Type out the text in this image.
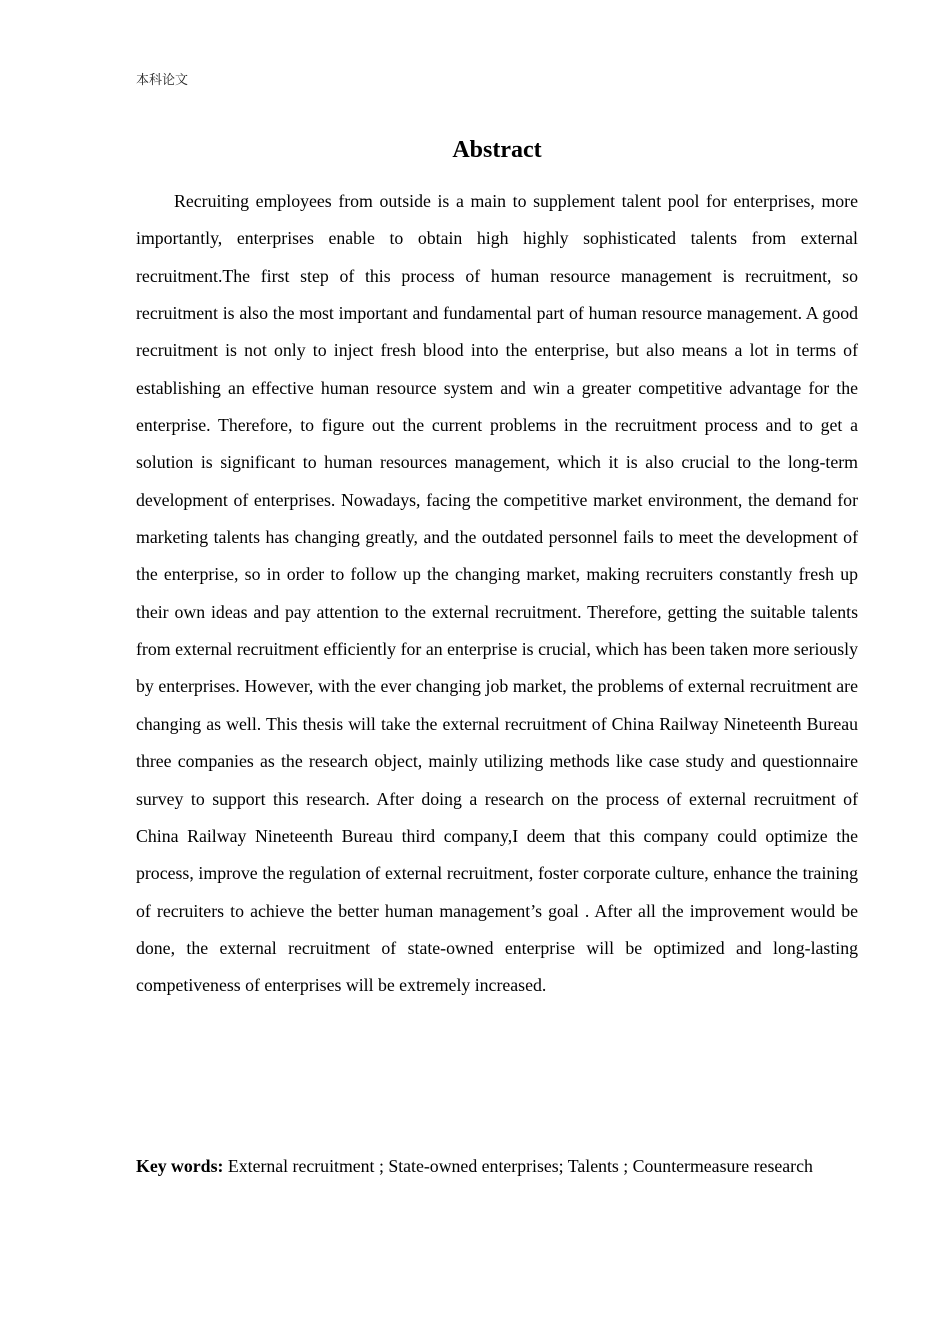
本科论文
Abstract

Recruiting employees from outside is a main to supplement talent pool for enterprises, more importantly, enterprises enable to obtain high highly sophisticated talents from external recruitment.The first step of this process of human resource management is recruitment, so recruitment is also the most important and fundamental part of human resource management. A good recruitment is not only to inject fresh blood into the enterprise, but also means a lot in terms of establishing an effective human resource system and win a greater competitive advantage for the enterprise. Therefore, to figure out the current problems in the recruitment process and to get a solution is significant to human resources management, which it is also crucial to the long-term development of enterprises. Nowadays, facing the competitive market environment, the demand for marketing talents has changing greatly, and the outdated personnel fails to meet the development of the enterprise, so in order to follow up the changing market, making recruiters constantly fresh up their own ideas and pay attention to the external recruitment. Therefore, getting the suitable talents from external recruitment efficiently for an enterprise is crucial, which has been taken more seriously by enterprises. However, with the ever changing job market, the problems of external recruitment are changing as well. This thesis will take the external recruitment of China Railway Nineteenth Bureau three companies as the research object, mainly utilizing methods like case study and questionnaire survey to support this research. After doing a research on the process of external recruitment of China Railway Nineteenth Bureau third company,I deem that this company could optimize the process, improve the regulation of external recruitment, foster corporate culture, enhance the training of recruiters to achieve the better human management’s goal . After all the improvement would be done, the external recruitment of state-owned enterprise will be optimized and long-lasting competiveness of enterprises will be extremely increased.

Key words: External recruitment ; State-owned enterprises; Talents ; Countermeasure research
